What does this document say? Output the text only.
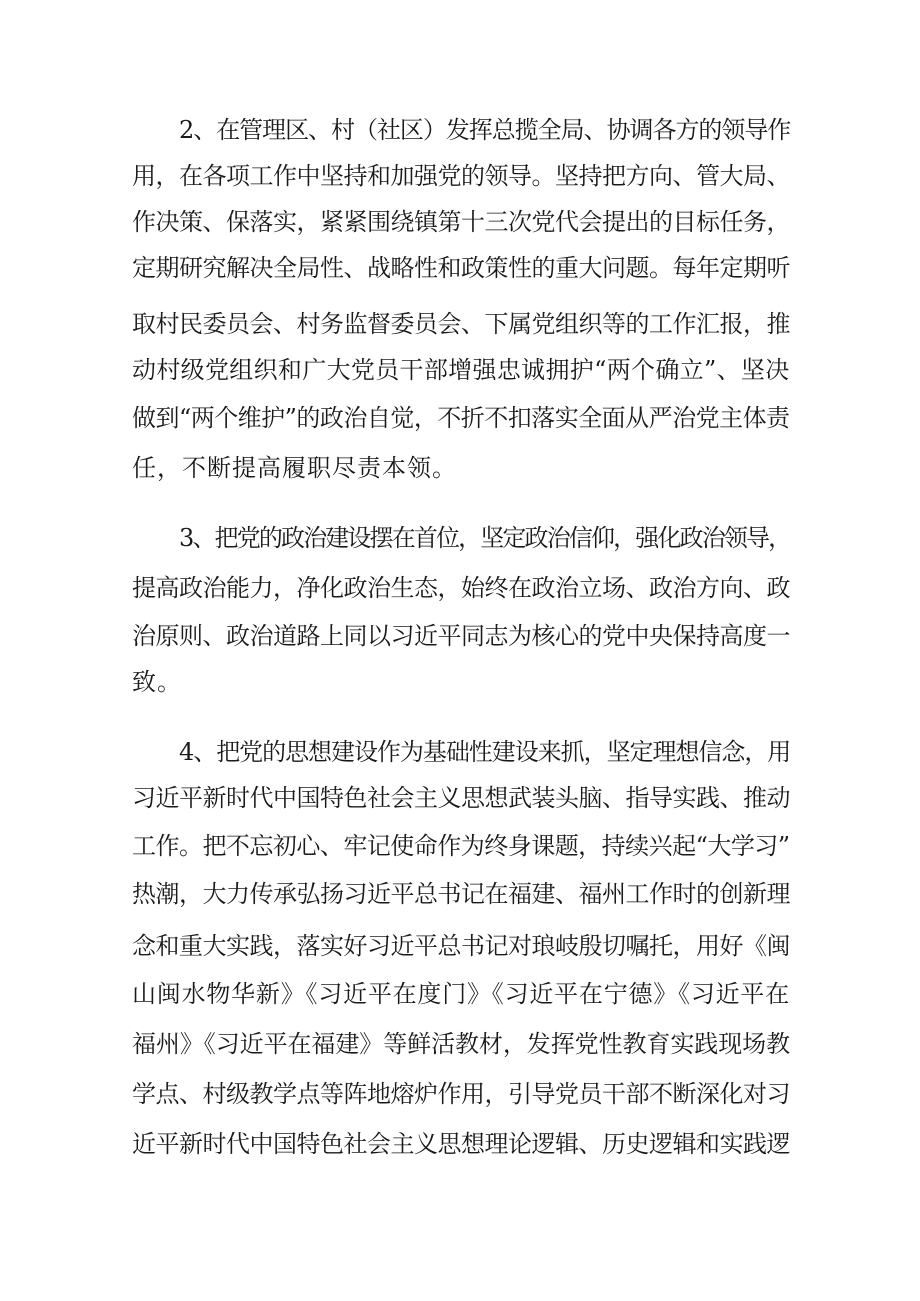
2、在管理区、村（社区）发挥总揽全局、协调各方的领导作

用，在各项工作中坚持和加强党的领导。坚持把方向、管大局、

作决策、保落实，紧紧围绕镇第十三次党代会提出的目标任务，

定期研究解决全局性、战略性和政策性的重大问题。每年定期听

取村民委员会、村务监督委员会、下属党组织等的工作汇报，推

动村级党组织和广大党员干部增强忠诚拥护“两个确立”、坚决

做到“两个维护”的政治自觉，不折不扣落实全面从严治党主体责

任，不断提高履职尽责本领。

3、把党的政治建设摆在首位，坚定政治信仰，强化政治领导，

提高政治能力，净化政治生态，始终在政治立场、政治方向、政

治原则、政治道路上同以习近平同志为核心的党中央保持高度一

致。

4、把党的思想建设作为基础性建设来抓，坚定理想信念，用

习近平新时代中国特色社会主义思想武装头脑、指导实践、推动

工作。把不忘初心、牢记使命作为终身课题，持续兴起“大学习”

热潮，大力传承弘扬习近平总书记在福建、福州工作时的创新理

念和重大实践，落实好习近平总书记对琅岐殷切嘱托，用好《闽

山闽水物华新》《习近平在度门》《习近平在宁德》《习近平在

福州》《习近平在福建》等鲜活教材，发挥党性教育实践现场教

学点、村级教学点等阵地熔炉作用，引导党员干部不断深化对习

近平新时代中国特色社会主义思想理论逻辑、历史逻辑和实践逻
